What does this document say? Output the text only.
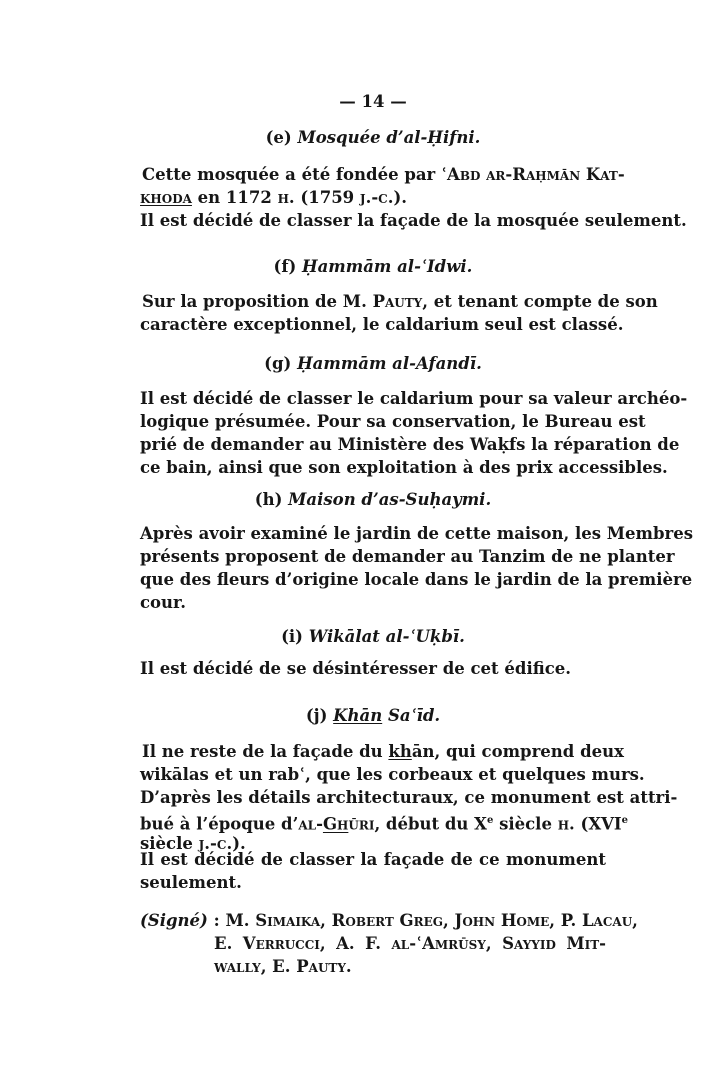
— 14 —
(e) Mosquée d’al-Ḥifni.
Cette mosquée a été fondée par ʿAbd ar-Raḥmān Kat-
khoda en 1172 h. (1759 j.-c.).
Il est décidé de classer la façade de la mosquée seulement.
(f) Ḥammām al-ʿIdwi.
Sur la proposition de M. Pauty, et tenant compte de son
caractère exceptionnel, le caldarium seul est classé.
(g) Ḥammām al-Afandī.
Il est décidé de classer le caldarium pour sa valeur archéo-
logique présumée. Pour sa conservation, le Bureau est
prié de demander au Ministère des Waḳfs la réparation de
ce bain, ainsi que son exploitation à des prix accessibles.
(h) Maison d’as-Suḥaymi.
Après avoir examiné le jardin de cette maison, les Membres
présents proposent de demander au Tanzim de ne planter
que des fleurs d’origine locale dans le jardin de la première
cour.
(i) Wikālat al-ʿUḳbī.
Il est décidé de se désintéresser de cet édifice.
(j) Khān Saʿīd.
Il ne reste de la façade du khān, qui comprend deux
wikālas et un rabʿ, que les corbeaux et quelques murs.
D’après les détails architecturaux, ce monument est attri-
bué à l’époque d’al-Ghūri, début du Xe siècle h. (XVIe
siècle j.-c.).
Il est décidé de classer la façade de ce monument
seulement.
(Signé) : M. Simaika, Robert Greg, John Home, P. Lacau,
E. Verrucci, A. F. al-ʿAmrūsy, Sayyid Mit-
wally, E. Pauty.
